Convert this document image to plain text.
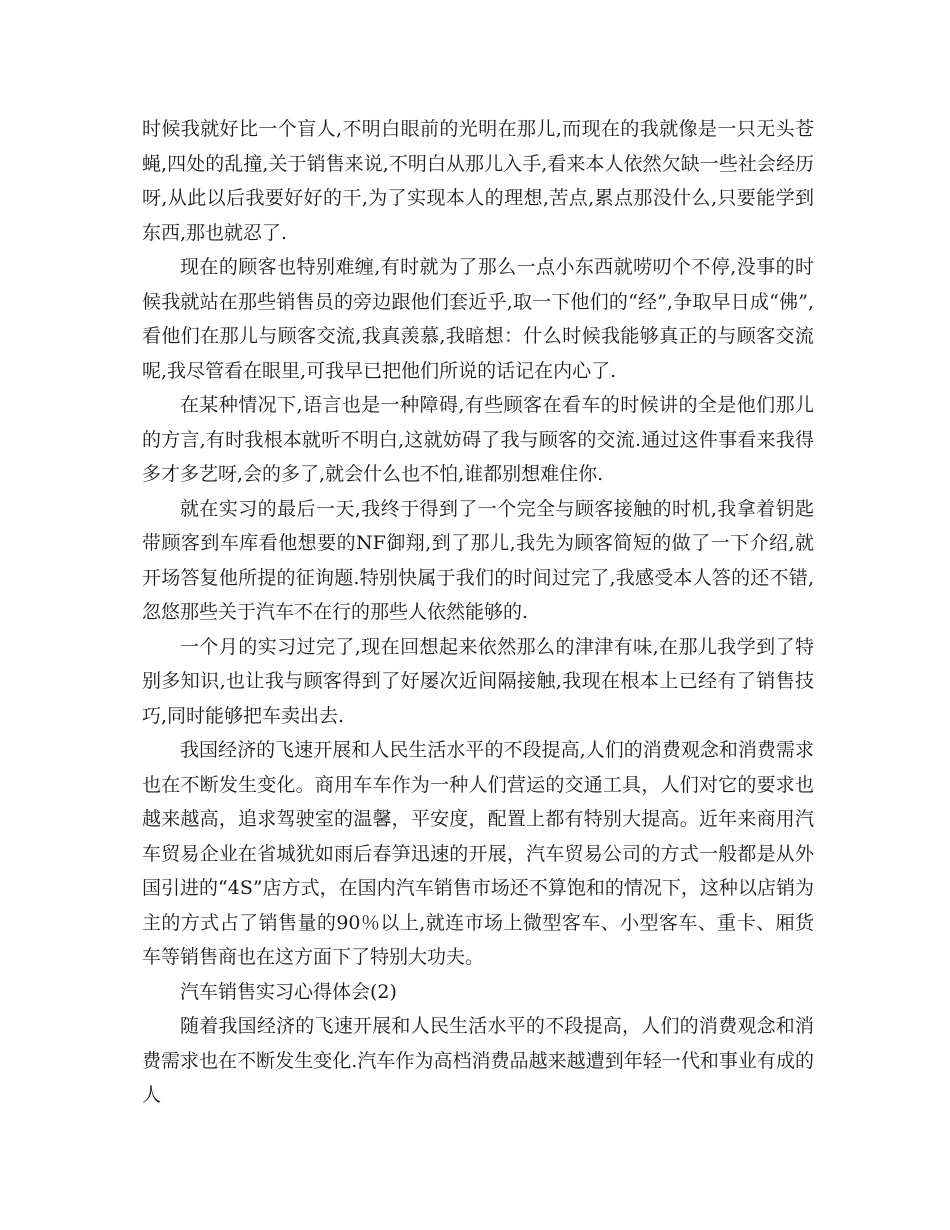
时候我就好比一个盲人,不明白眼前的光明在那儿,而现在的我就像是一只无头苍蝇,四处的乱撞,关于销售来说,不明白从那儿入手,看来本人依然欠缺一些社会经历呀,从此以后我要好好的干,为了实现本人的理想,苦点,累点那没什么,只要能学到东西,那也就忍了.

现在的顾客也特别难缠,有时就为了那么一点小东西就唠叨个不停,没事的时候我就站在那些销售员的旁边跟他们套近乎,取一下他们的“经”,争取早日成“佛”,看他们在那儿与顾客交流,我真羡慕,我暗想：什么时候我能够真正的与顾客交流呢,我尽管看在眼里,可我早已把他们所说的话记在内心了.

在某种情况下,语言也是一种障碍,有些顾客在看车的时候讲的全是他们那儿的方言,有时我根本就听不明白,这就妨碍了我与顾客的交流.通过这件事看来我得多才多艺呀,会的多了,就会什么也不怕,谁都别想难住你.

就在实习的最后一天,我终于得到了一个完全与顾客接触的时机,我拿着钥匙带顾客到车库看他想要的NF御翔,到了那儿,我先为顾客简短的做了一下介绍,就开场答复他所提的征询题.特别快属于我们的时间过完了,我感受本人答的还不错,忽悠那些关于汽车不在行的那些人依然能够的.

一个月的实习过完了,现在回想起来依然那么的津津有味,在那儿我学到了特别多知识,也让我与顾客得到了好屡次近间隔接触,我现在根本上已经有了销售技巧,同时能够把车卖出去.

我国经济的飞速开展和人民生活水平的不段提高,人们的消费观念和消费需求也在不断发生变化。商用车车作为一种人们营运的交通工具，人们对它的要求也越来越高，追求驾驶室的温馨，平安度，配置上都有特别大提高。近年来商用汽车贸易企业在省城犹如雨后春笋迅速的开展，汽车贸易公司的方式一般都是从外国引进的“4S”店方式，在国内汽车销售市场还不算饱和的情况下，这种以店销为主的方式占了销售量的90％以上,就连市场上微型客车、小型客车、重卡、厢货车等销售商也在这方面下了特别大功夫。

汽车销售实习心得体会(2)

随着我国经济的飞速开展和人民生活水平的不段提高，人们的消费观念和消费需求也在不断发生变化.汽车作为高档消费品越来越遭到年轻一代和事业有成的人
